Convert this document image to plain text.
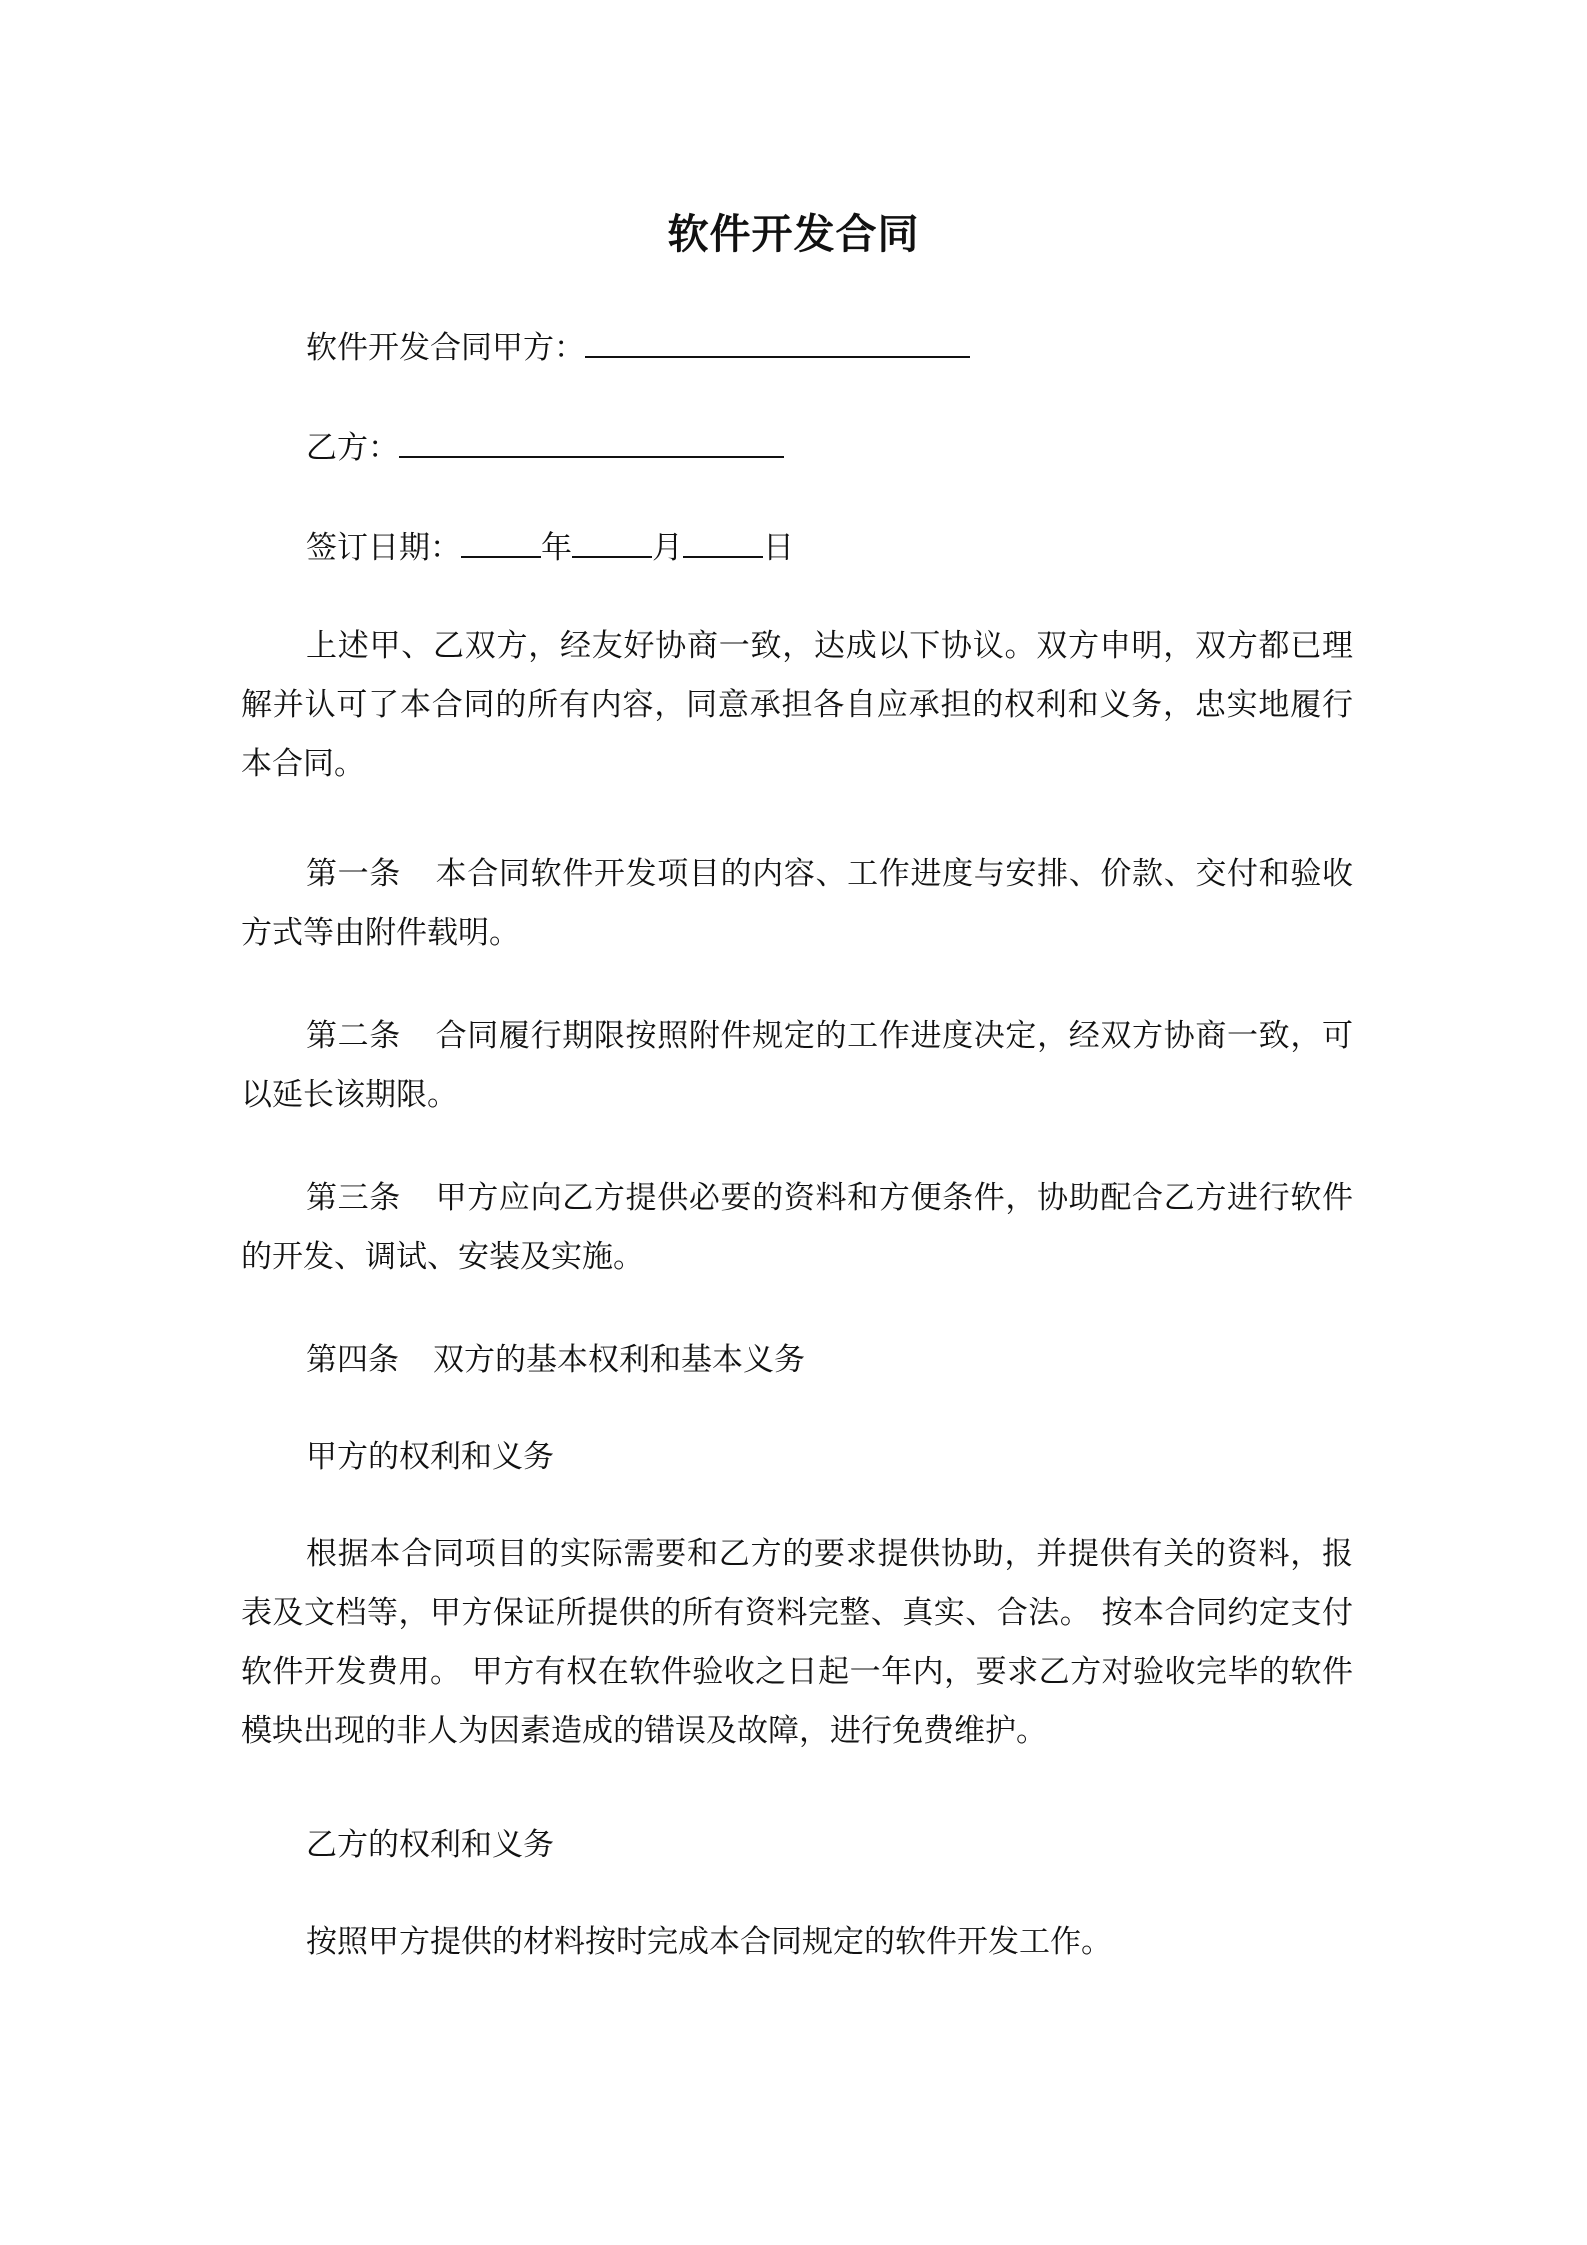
软件开发合同
软件开发合同甲方：
乙方：
签订日期：	年	月	日
上述甲、乙双方，经友好协商一致，达成以下协议。双方申明，双方都已理解并认可了本合同的所有内容，同意承担各自应承担的权利和义务，忠实地履行本合同。
第一条 本合同软件开发项目的内容、工作进度与安排、价款、交付和验收方式等由附件载明。
第二条 合同履行期限按照附件规定的工作进度决定，经双方协商一致，可以延长该期限。
第三条 甲方应向乙方提供必要的资料和方便条件，协助配合乙方进行软件的开发、调试、安装及实施。
第四条 双方的基本权利和基本义务
甲方的权利和义务
根据本合同项目的实际需要和乙方的要求提供协助，并提供有关的资料，报表及文档等，甲方保证所提供的所有资料完整、真实、合法。 按本合同约定支付软件开发费用。 甲方有权在软件验收之日起一年内，要求乙方对验收完毕的软件模块出现的非人为因素造成的错误及故障，进行免费维护。
乙方的权利和义务
按照甲方提供的材料按时完成本合同规定的软件开发工作。
